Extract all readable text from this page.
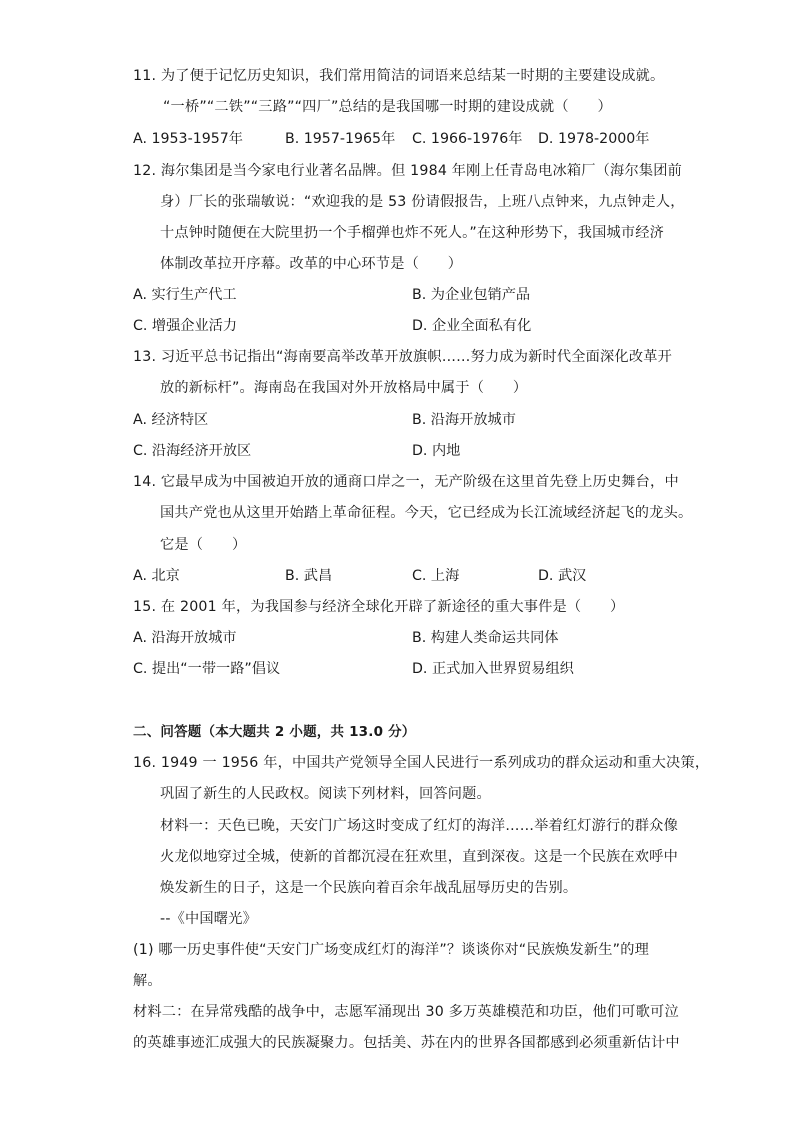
11. 为了便于记忆历史知识，我们常用简洁的词语来总结某一时期的主要建设成就。
“一桥”“二铁”“三路”“四厂”总结的是我国哪一时期的建设成就（　　）
A. 1953-1957年	B. 1957-1965年 C. 1966-1976年 D. 1978-2000年
12. 海尔集团是当今家电行业著名品牌。但 1984 年刚上任青岛电冰箱厂（海尔集团前
身）厂长的张瑞敏说：“欢迎我的是 53 份请假报告，上班八点钟来，九点钟走人，
十点钟时随便在大院里扔一个手榴弹也炸不死人。”在这种形势下，我国城市经济
体制改革拉开序幕。改革的中心环节是（　　）
A. 实行生产代工	B. 为企业包销产品
C. 增强企业活力	D. 企业全面私有化
13. 习近平总书记指出“海南要高举改革开放旗帜……努力成为新时代全面深化改革开
放的新标杆”。海南岛在我国对外开放格局中属于（　　）
A. 经济特区	B. 沿海开放城市
C. 沿海经济开放区	D. 内地
14. 它最早成为中国被迫开放的通商口岸之一，无产阶级在这里首先登上历史舞台，中
国共产党也从这里开始踏上革命征程。今天，它已经成为长江流域经济起飞的龙头。
它是（　　）
A. 北京	B. 武昌	C. 上海	D. 武汉
15. 在 2001 年，为我国参与经济全球化开辟了新途径的重大事件是（　　）
A. 沿海开放城市	B. 构建人类命运共同体
C. 提出“一带一路”倡议	D. 正式加入世界贸易组织
二、问答题（本大题共 2 小题，共 13.0 分）
16. 1949 一 1956 年，中国共产党领导全国人民进行一系列成功的群众运动和重大决策，
巩固了新生的人民政权。阅读下列材料，回答问题。
材料一：天色已晚，天安门广场这时变成了红灯的海洋……举着红灯游行的群众像
火龙似地穿过全城，使新的首都沉浸在狂欢里，直到深夜。这是一个民族在欢呼中
焕发新生的日子，这是一个民族向着百余年战乱屈辱历史的告别。
--《中国曙光》
(1) 哪一历史事件使“天安门广场变成红灯的海洋”？谈谈你对“民族焕发新生”的理
解。
材料二：在异常残酷的战争中，志愿军涌现出 30 多万英雄模范和功臣，他们可歌可泣
的英雄事迹汇成强大的民族凝聚力。包括美、苏在内的世界各国都感到必须重新估计中
